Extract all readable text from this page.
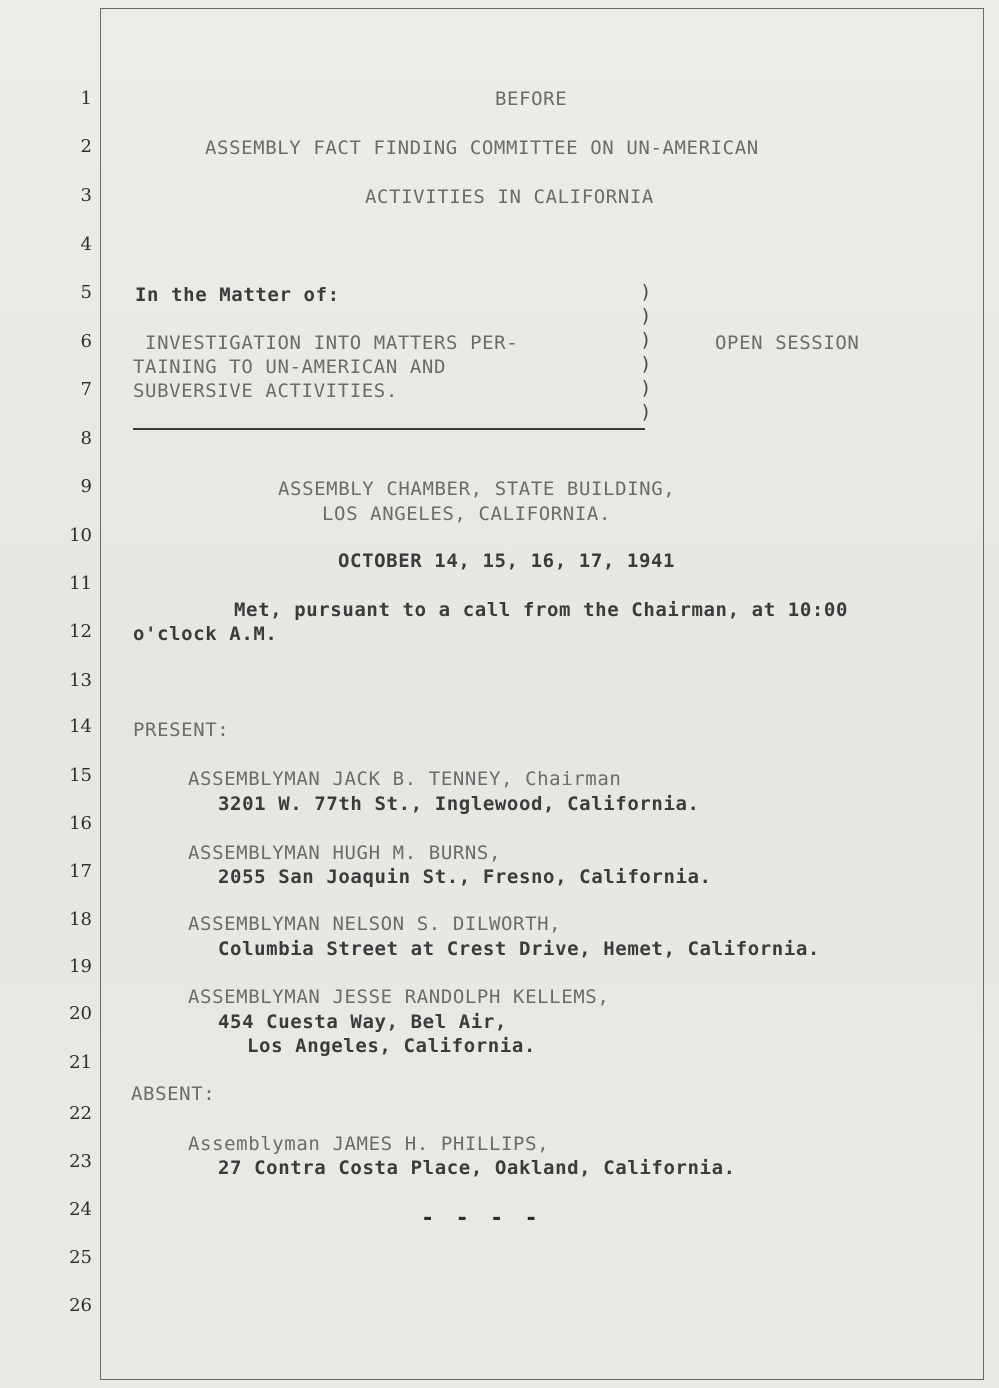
1
2
3
4
5
6
7
8
9
10
11
12
13
14
15
16
17
18
19
20
21
22
23
24
25
26
BEFORE
ASSEMBLY FACT FINDING COMMITTEE ON UN-AMERICAN
ACTIVITIES IN CALIFORNIA
In the Matter of:
INVESTIGATION INTO MATTERS PER-
TAINING TO UN-AMERICAN AND
SUBVERSIVE ACTIVITIES.
)
)
)
)
)
)
OPEN SESSION
ASSEMBLY CHAMBER, STATE BUILDING,
LOS ANGELES, CALIFORNIA.
OCTOBER 14, 15, 16, 17, 1941
Met, pursuant to a call from the Chairman, at 10:00
o'clock A.M.
PRESENT:
ASSEMBLYMAN JACK B. TENNEY, Chairman
3201 W. 77th St., Inglewood, California.
ASSEMBLYMAN HUGH M. BURNS,
2055 San Joaquin St., Fresno, California.
ASSEMBLYMAN NELSON S. DILWORTH,
Columbia Street at Crest Drive, Hemet, California.
ASSEMBLYMAN JESSE RANDOLPH KELLEMS,
454 Cuesta Way, Bel Air,
Los Angeles, California.
ABSENT:
Assemblyman JAMES H. PHILLIPS,
27 Contra Costa Place, Oakland, California.
- - - -
